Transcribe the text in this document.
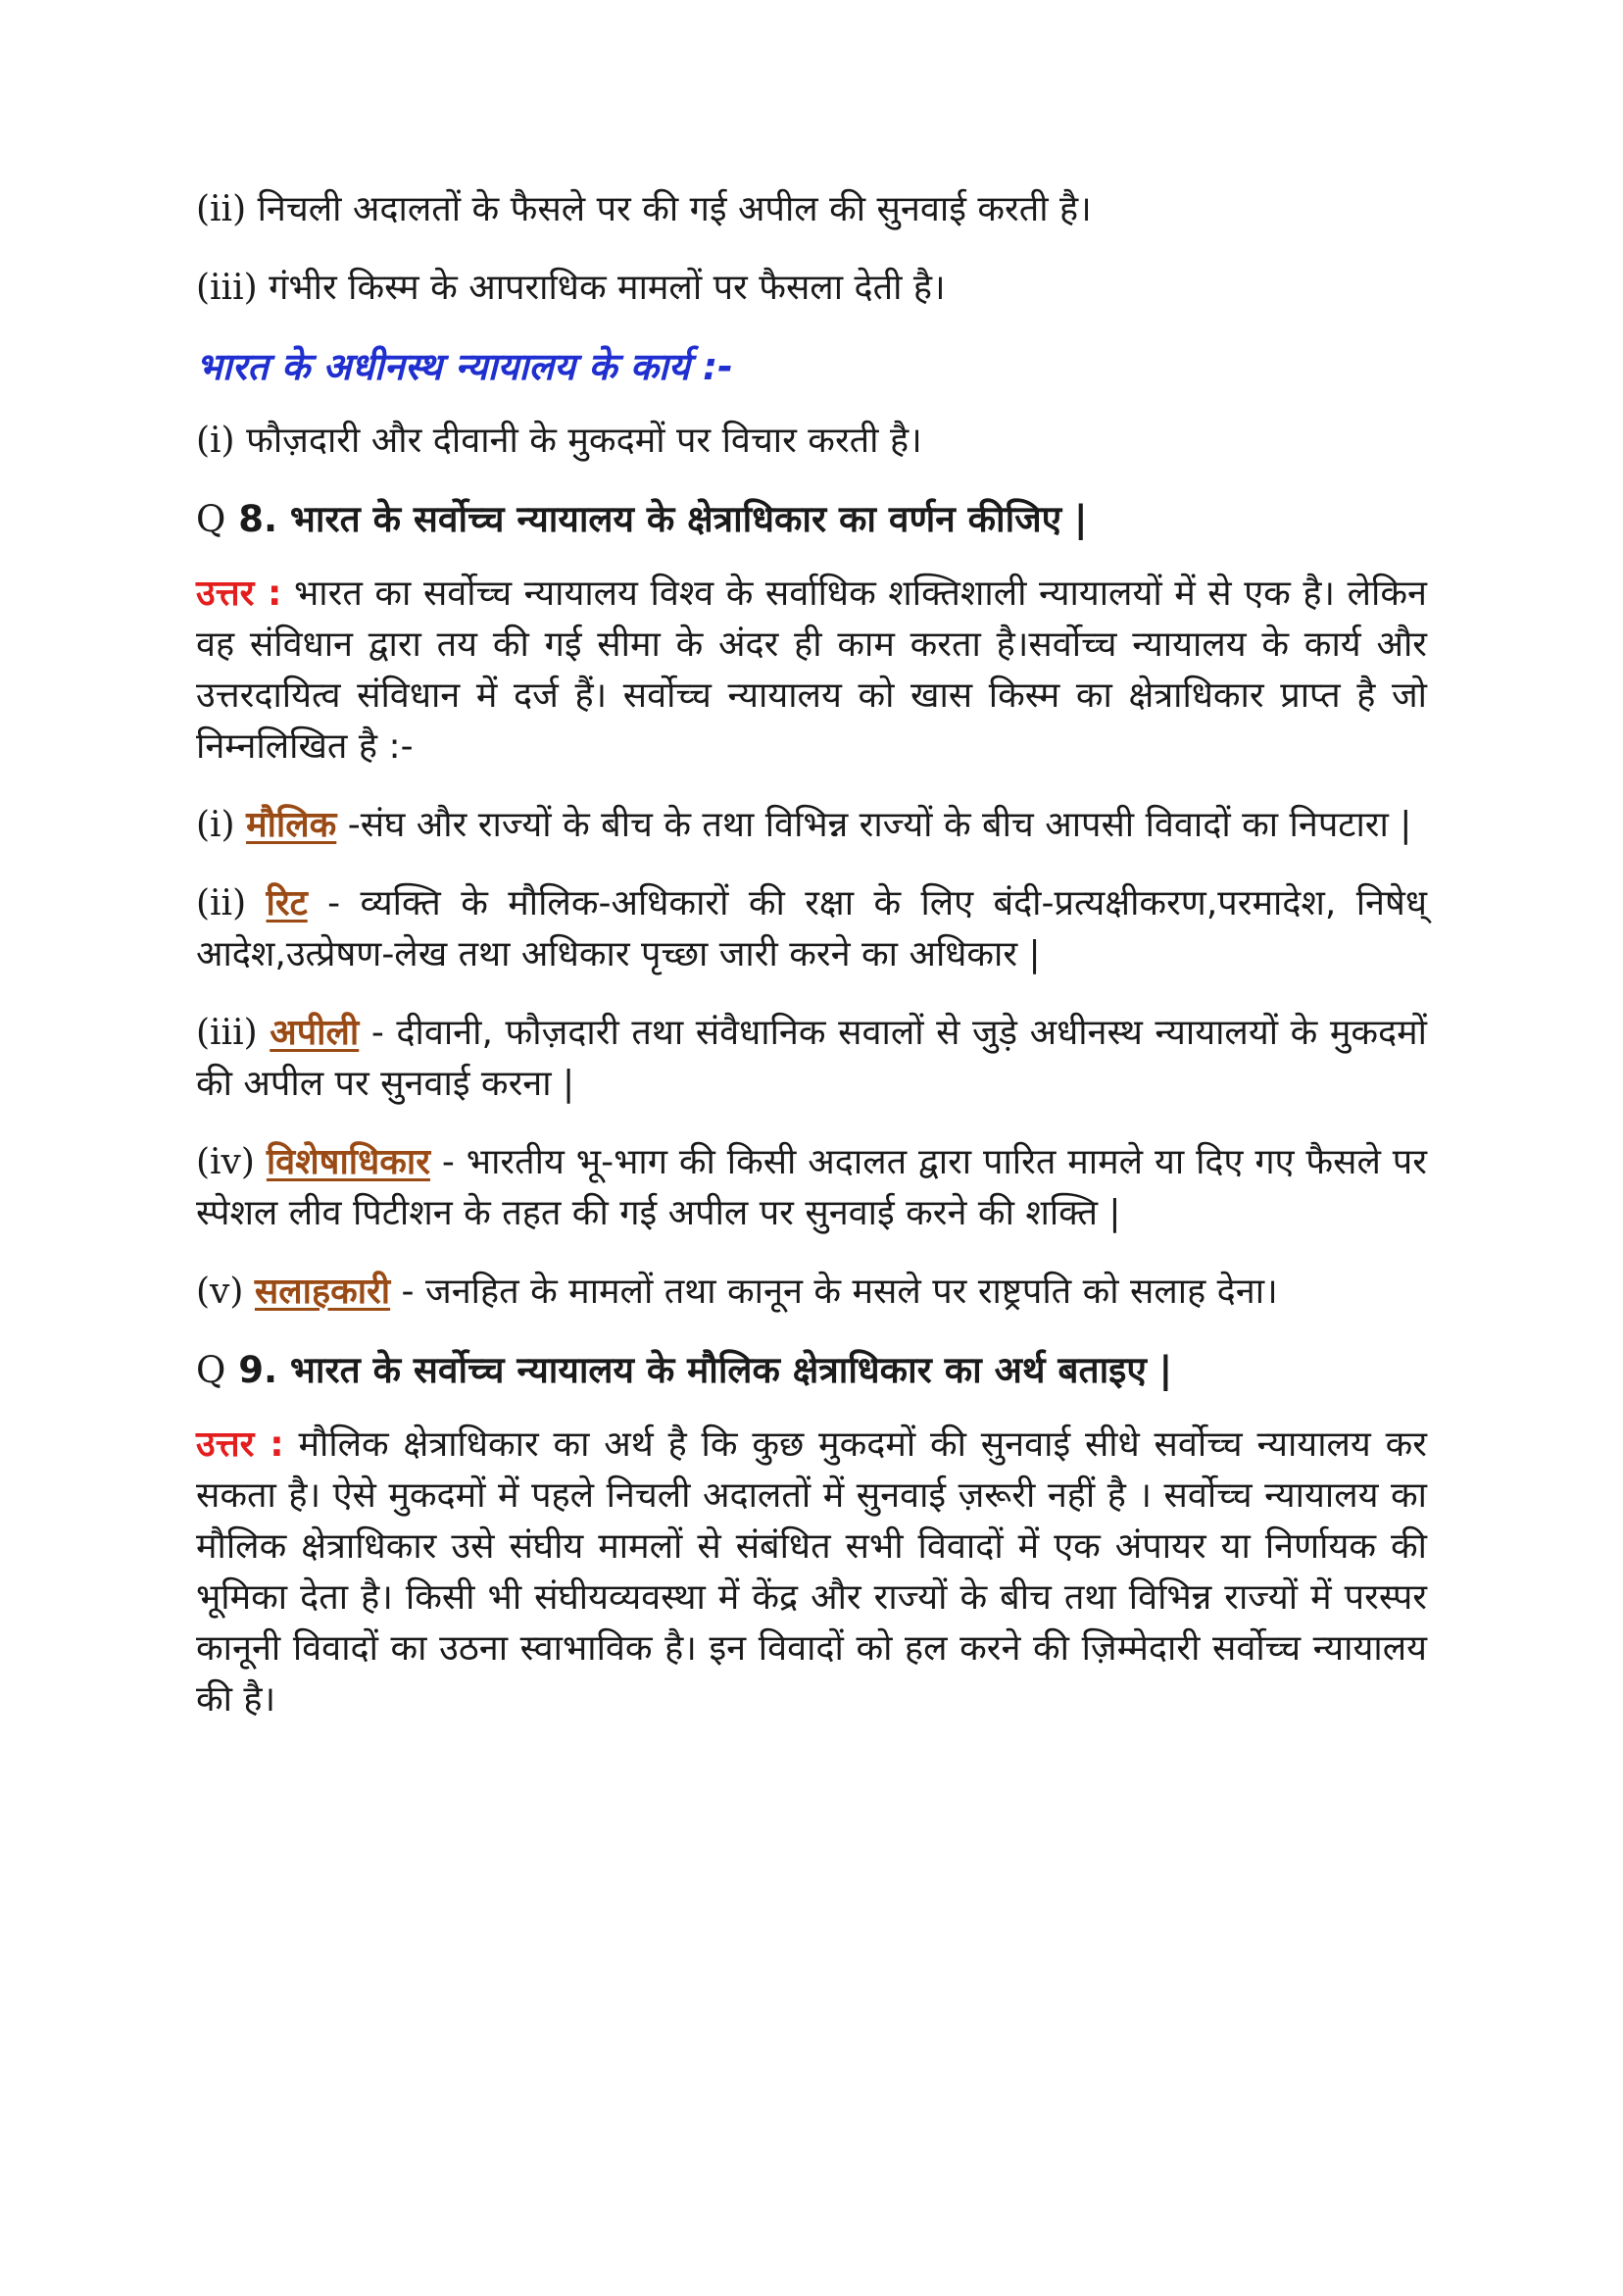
(ii) निचली अदालतों के फैसले पर की गई अपील की सुनवाई करती है।

(iii) गंभीर किस्म के आपराधिक मामलों पर फैसला देती है।

भारत के अधीनस्थ न्यायालय के कार्य :-

(i) फौज़दारी और दीवानी के मुकदमों पर विचार करती है।

Q 8. भारत के सर्वोच्च न्यायालय के क्षेत्राधिकार का वर्णन कीजिए |

उत्तर : भारत का सर्वोच्च न्यायालय विश्व के सर्वाधिक शक्तिशाली न्यायालयों में से एक है। लेकिन वह संविधान द्वारा तय की गई सीमा के अंदर ही काम करता है।सर्वोच्च न्यायालय के कार्य और उत्तरदायित्व संविधान में दर्ज हैं। सर्वोच्च न्यायालय को खास किस्म का क्षेत्राधिकार प्राप्त है जो निम्नलिखित है :-

(i) मौलिक -संघ और राज्यों के बीच के तथा विभिन्न राज्यों के बीच आपसी विवादों का निपटारा |

(ii) रिट - व्यक्ति के मौलिक-अधिकारों की रक्षा के लिए बंदी-प्रत्यक्षीकरण,परमादेश, निषेध् आदेश,उत्प्रेषण-लेख तथा अधिकार पृच्छा जारी करने का अधिकार |

(iii) अपीली - दीवानी, फौज़दारी तथा संवैधानिक सवालों से जुड़े अधीनस्थ न्यायालयों के मुकदमों की अपील पर सुनवाई करना |

(iv) विशेषाधिकार - भारतीय भू-भाग की किसी अदालत द्वारा पारित मामले या दिए गए फैसले पर स्पेशल लीव पिटीशन के तहत की गई अपील पर सुनवाई करने की शक्ति |

(v) सलाहकारी - जनहित के मामलों तथा कानून के मसले पर राष्ट्रपति को सलाह देना।

Q 9. भारत के सर्वोच्च न्यायालय के मौलिक क्षेत्राधिकार का अर्थ बताइए |

उत्तर : मौलिक क्षेत्राधिकार का अर्थ है कि कुछ मुकदमों की सुनवाई सीधे सर्वोच्च न्यायालय कर सकता है। ऐसे मुकदमों में पहले निचली अदालतों में सुनवाई ज़रूरी नहीं है । सर्वोच्च न्यायालय का मौलिक क्षेत्राधिकार उसे संघीय मामलों से संबंधित सभी विवादों में एक अंपायर या निर्णायक की भूमिका देता है। किसी भी संघीयव्यवस्था में केंद्र और राज्यों के बीच तथा विभिन्न राज्यों में परस्पर कानूनी विवादों का उठना स्वाभाविक है। इन विवादों को हल करने की ज़िम्मेदारी सर्वोच्च न्यायालय की है।
